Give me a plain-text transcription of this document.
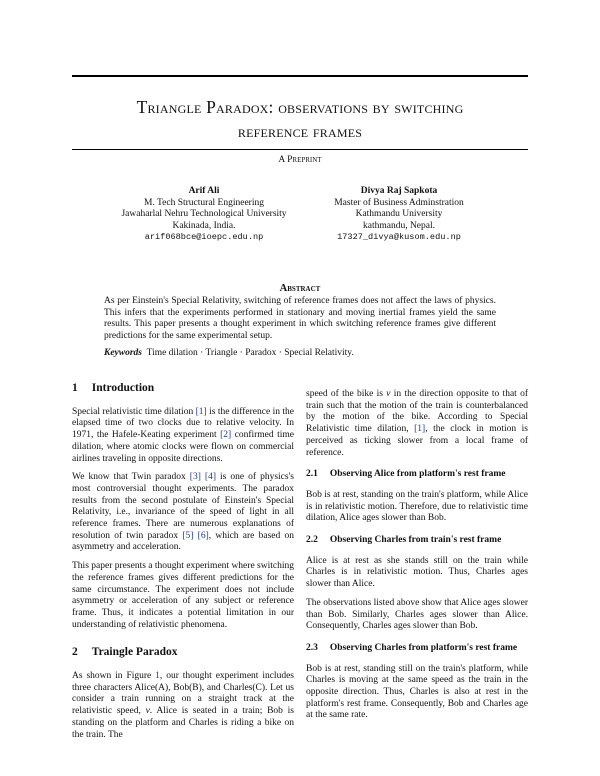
Triangle Paradox: observations by switching
reference frames
A Preprint
Arif Ali
M. Tech Structural Engineering
Jawaharlal Nehru Technological University
Kakinada, India.
arif068bce@ioepc.edu.np
Divya Raj Sapkota
Master of Business Adminstration
Kathmandu University
kathmandu, Nepal.
17327_divya@kusom.edu.np
Abstract

As per Einstein's Special Relativity, switching of reference frames does not affect the laws of physics. This infers that the experiments performed in stationary and moving inertial frames yield the same results. This paper presents a thought experiment in which switching reference frames give different predictions for the same experimental setup.

Keywords Time dilation · Triangle · Paradox · Special Relativity.
1 Introduction

Special relativistic time dilation [1] is the difference in the elapsed time of two clocks due to relative velocity. In 1971, the Hafele-Keating experiment [2] confirmed time dilation, where atomic clocks were flown on commercial airlines traveling in opposite directions.

We know that Twin paradox [3] [4] is one of physics's most controversial thought experiments. The paradox results from the second postulate of Einstein's Special Relativity, i.e., invariance of the speed of light in all reference frames. There are numerous explanations of resolution of twin paradox [5] [6], which are based on asymmetry and acceleration.

This paper presents a thought experiment where switching the reference frames gives different predictions for the same circumstance. The experiment does not include asymmetry or acceleration of any subject or reference frame. Thus, it indicates a potential limitation in our understanding of relativistic phenomena.

2 Traingle Paradox

As shown in Figure 1, our thought experiment includes three characters Alice(A), Bob(B), and Charles(C). Let us consider a train running on a straight track at the relativistic speed, v. Alice is seated in a train; Bob is standing on the platform and Charles is riding a bike on the train. The

speed of the bike is v in the direction opposite to that of train such that the motion of the train is counterbalanced by the motion of the bike. According to Special Relativistic time dilation, [1], the clock in motion is perceived as ticking slower from a local frame of reference.

2.1 Observing Alice from platform's rest frame

Bob is at rest, standing on the train's platform, while Alice is in relativistic motion. Therefore, due to relativistic time dilation, Alice ages slower than Bob.

2.2 Observing Charles from train's rest frame

Alice is at rest as she stands still on the train while Charles is in relativistic motion. Thus, Charles ages slower than Alice.

The observations listed above show that Alice ages slower than Bob. Similarly, Charles ages slower than Alice. Consequently, Charles ages slower than Bob.

2.3 Observing Charles from platform's rest frame

Bob is at rest, standing still on the train's platform, while Charles is moving at the same speed as the train in the opposite direction. Thus, Charles is also at rest in the platform's rest frame. Consequently, Bob and Charles age at the same rate.
